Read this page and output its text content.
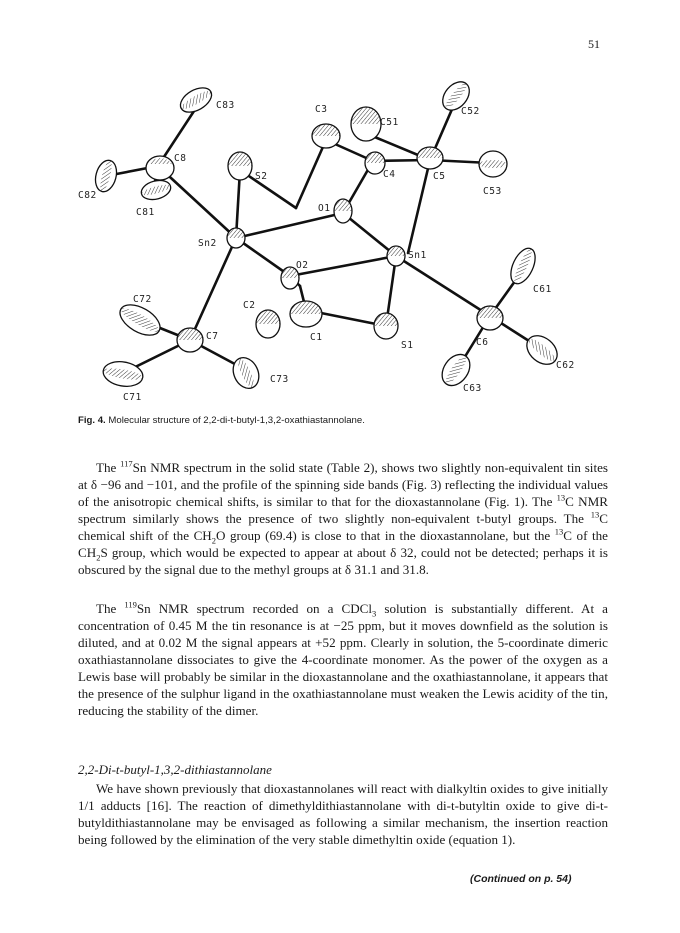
51
C83	C3
C51
C52
C8
S2	C4	C5
C53
C82
C81	O1
Sn2
Sn1
O2
C61
C72
C2
C7	C1
S1	C6
C62
C63
C73
C71
Fig. 4. Molecular structure of 2,2-di-t-butyl-1,3,2-oxathiastannolane.

The $^{117}$Sn NMR spectrum in the solid state (Table 2), shows two slightly non-equivalent tin sites at δ −96 and −101, and the profile of the spinning side bands (Fig. 3) reflecting the individual values of the anisotropic chemical shifts, is similar to that for the dioxastannolane (Fig. 1). The $^{13}$C NMR spectrum similarly shows the presence of two slightly non-equivalent t-butyl groups. The $^{13}$C chemical shift of the $CH_2O$ group (69.4) is close to that in the dioxastannolane, but the $^{13}$C of the $CH_2S$ group, which would be expected to appear at about δ 32, could not be detected; perhaps it is obscured by the signal due to the methyl groups at δ 31.1 and 31.8.

The $^{119}$Sn NMR spectrum recorded on a CDCl$_3$ solution is substantially different. At a concentration of 0.45 M the tin resonance is at −25 ppm, but it moves downfield as the solution is diluted, and at 0.02 M the signal appears at +52 ppm. Clearly in solution, the 5-coordinate dimeric oxathiastannolane dissociates to give the 4-coordinate monomer. As the power of the oxygen as a Lewis base will probably be similar in the dioxastannolane and the oxathiastannolane, it appears that the presence of the sulphur ligand in the oxathiastannolane must weaken the Lewis acidity of the tin, reducing the stability of the dimer.

2,2-Di-t-butyl-1,3,2-dithiastannolane

We have shown previously that dioxastannolanes will react with dialkyltin oxides to give initially 1/1 adducts [16]. The reaction of dimethyldithiastannolane with di-t-butyltin oxide to give di-t-butyldithiastannolane may be envisaged as following a similar mechanism, the insertion reaction being followed by the elimination of the very stable dimethyltin oxide (equation 1).

(Continued on p. 54)
